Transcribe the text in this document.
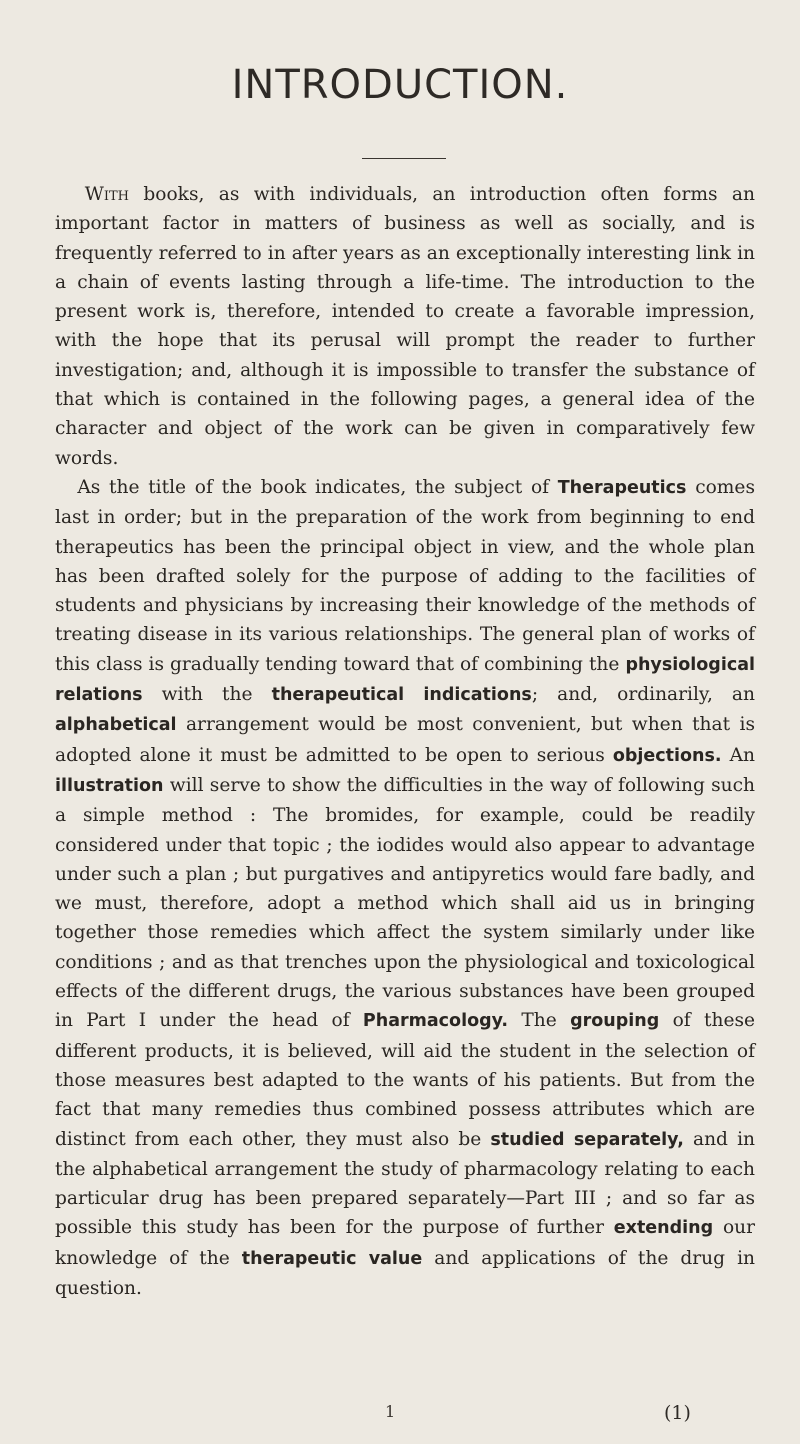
INTRODUCTION.

With books, as with individuals, an introduction often forms an important factor in matters of business as well as socially, and is frequently referred to in after years as an exceptionally interesting link in a chain of events lasting through a life-time. The introduction to the present work is, therefore, intended to create a favorable impression, with the hope that its perusal will prompt the reader to further investigation; and, although it is impossible to transfer the substance of that which is contained in the following pages, a general idea of the character and object of the work can be given in comparatively few words.

As the title of the book indicates, the subject of Therapeutics comes last in order; but in the preparation of the work from beginning to end therapeutics has been the principal object in view, and the whole plan has been drafted solely for the purpose of adding to the facilities of students and physicians by increasing their knowledge of the methods of treating disease in its various relationships. The general plan of works of this class is gradually tending toward that of combining the physiological relations with the therapeutical indications; and, ordinarily, an alphabetical arrangement would be most convenient, but when that is adopted alone it must be admitted to be open to serious objections. An illustration will serve to show the difficulties in the way of following such a simple method : The bromides, for example, could be readily considered under that topic ; the iodides would also appear to advantage under such a plan ; but purgatives and antipyretics would fare badly, and we must, therefore, adopt a method which shall aid us in bringing together those remedies which affect the system similarly under like conditions ; and as that trenches upon the physiological and toxicological effects of the different drugs, the various substances have been grouped in Part I under the head of Pharmacology. The grouping of these different products, it is believed, will aid the student in the selection of those measures best adapted to the wants of his patients. But from the fact that many remedies thus combined possess attributes which are distinct from each other, they must also be studied separately, and in the alphabetical arrangement the study of pharmacology relating to each particular drug has been prepared separately—Part III ; and so far as possible this study has been for the purpose of further extending our knowledge of the therapeutic value and applications of the drug in question.

1	(1)
